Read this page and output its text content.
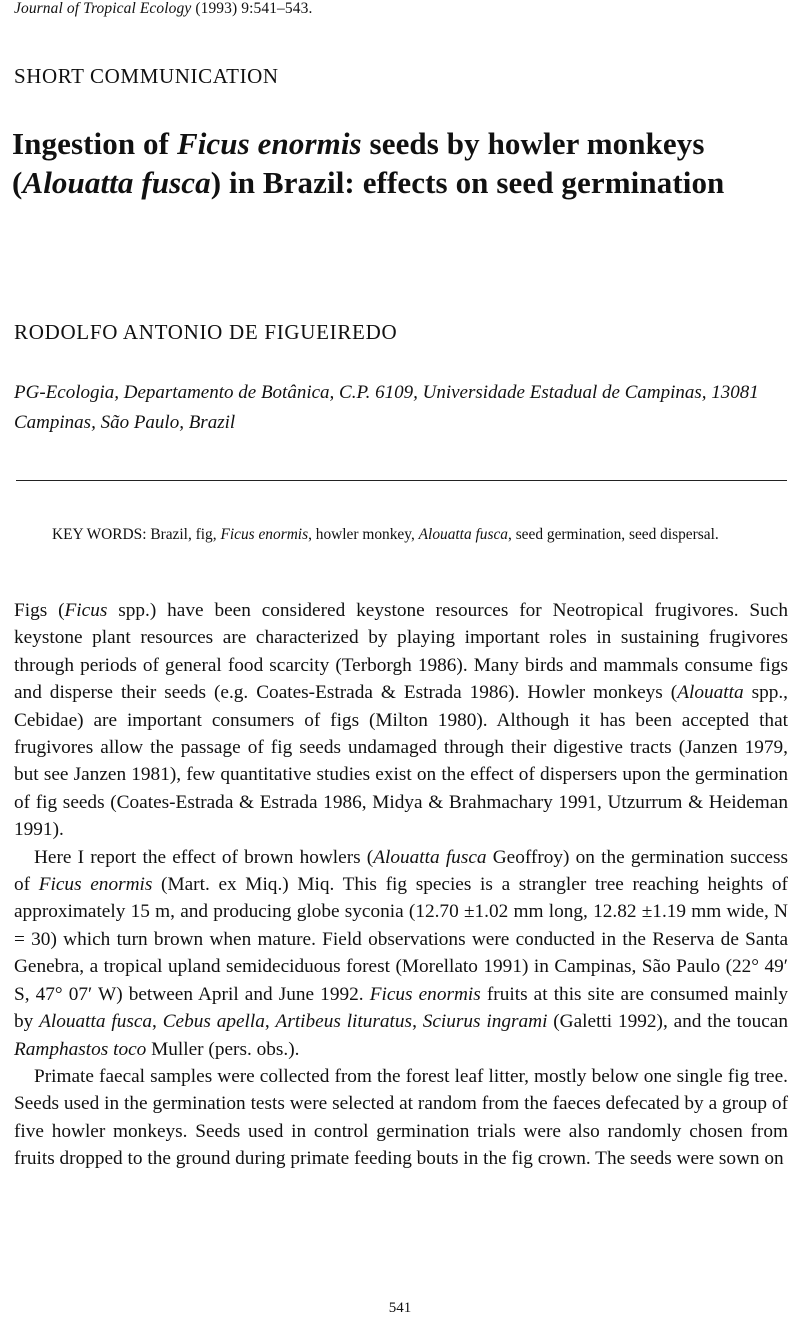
Journal of Tropical Ecology (1993) 9:541–543.
SHORT COMMUNICATION
Ingestion of Ficus enormis seeds by howler monkeys (Alouatta fusca) in Brazil: effects on seed germination
RODOLFO ANTONIO DE FIGUEIREDO
PG-Ecologia, Departamento de Botânica, C.P. 6109, Universidade Estadual de Campinas, 13081 Campinas, São Paulo, Brazil
KEY WORDS: Brazil, fig, Ficus enormis, howler monkey, Alouatta fusca, seed germination, seed dispersal.

Figs (Ficus spp.) have been considered keystone resources for Neotropical frugivores. Such keystone plant resources are characterized by playing important roles in sustaining frugivores through periods of general food scarcity (Terborgh 1986). Many birds and mammals consume figs and disperse their seeds (e.g. Coates-Estrada & Estrada 1986). Howler monkeys (Alouatta spp., Cebidae) are important consumers of figs (Milton 1980). Although it has been accepted that frugivores allow the passage of fig seeds undamaged through their digestive tracts (Janzen 1979, but see Janzen 1981), few quantitative studies exist on the effect of dispersers upon the germination of fig seeds (Coates-Estrada & Estrada 1986, Midya & Brahmachary 1991, Utzurrum & Heideman 1991).

Here I report the effect of brown howlers (Alouatta fusca Geoffroy) on the germination success of Ficus enormis (Mart. ex Miq.) Miq. This fig species is a strangler tree reaching heights of approximately 15 m, and producing globe syconia (12.70 ±1.02 mm long, 12.82 ±1.19 mm wide, N = 30) which turn brown when mature. Field observations were conducted in the Reserva de Santa Genebra, a tropical upland semideciduous forest (Morellato 1991) in Campinas, São Paulo (22° 49′ S, 47° 07′ W) between April and June 1992. Ficus enormis fruits at this site are consumed mainly by Alouatta fusca, Cebus apella, Artibeus lituratus, Sciurus ingrami (Galetti 1992), and the toucan Ramphastos toco Muller (pers. obs.).

Primate faecal samples were collected from the forest leaf litter, mostly below one single fig tree. Seeds used in the germination tests were selected at random from the faeces defecated by a group of five howler monkeys. Seeds used in control germination trials were also randomly chosen from fruits dropped to the ground during primate feeding bouts in the fig crown. The seeds were sown on

541
